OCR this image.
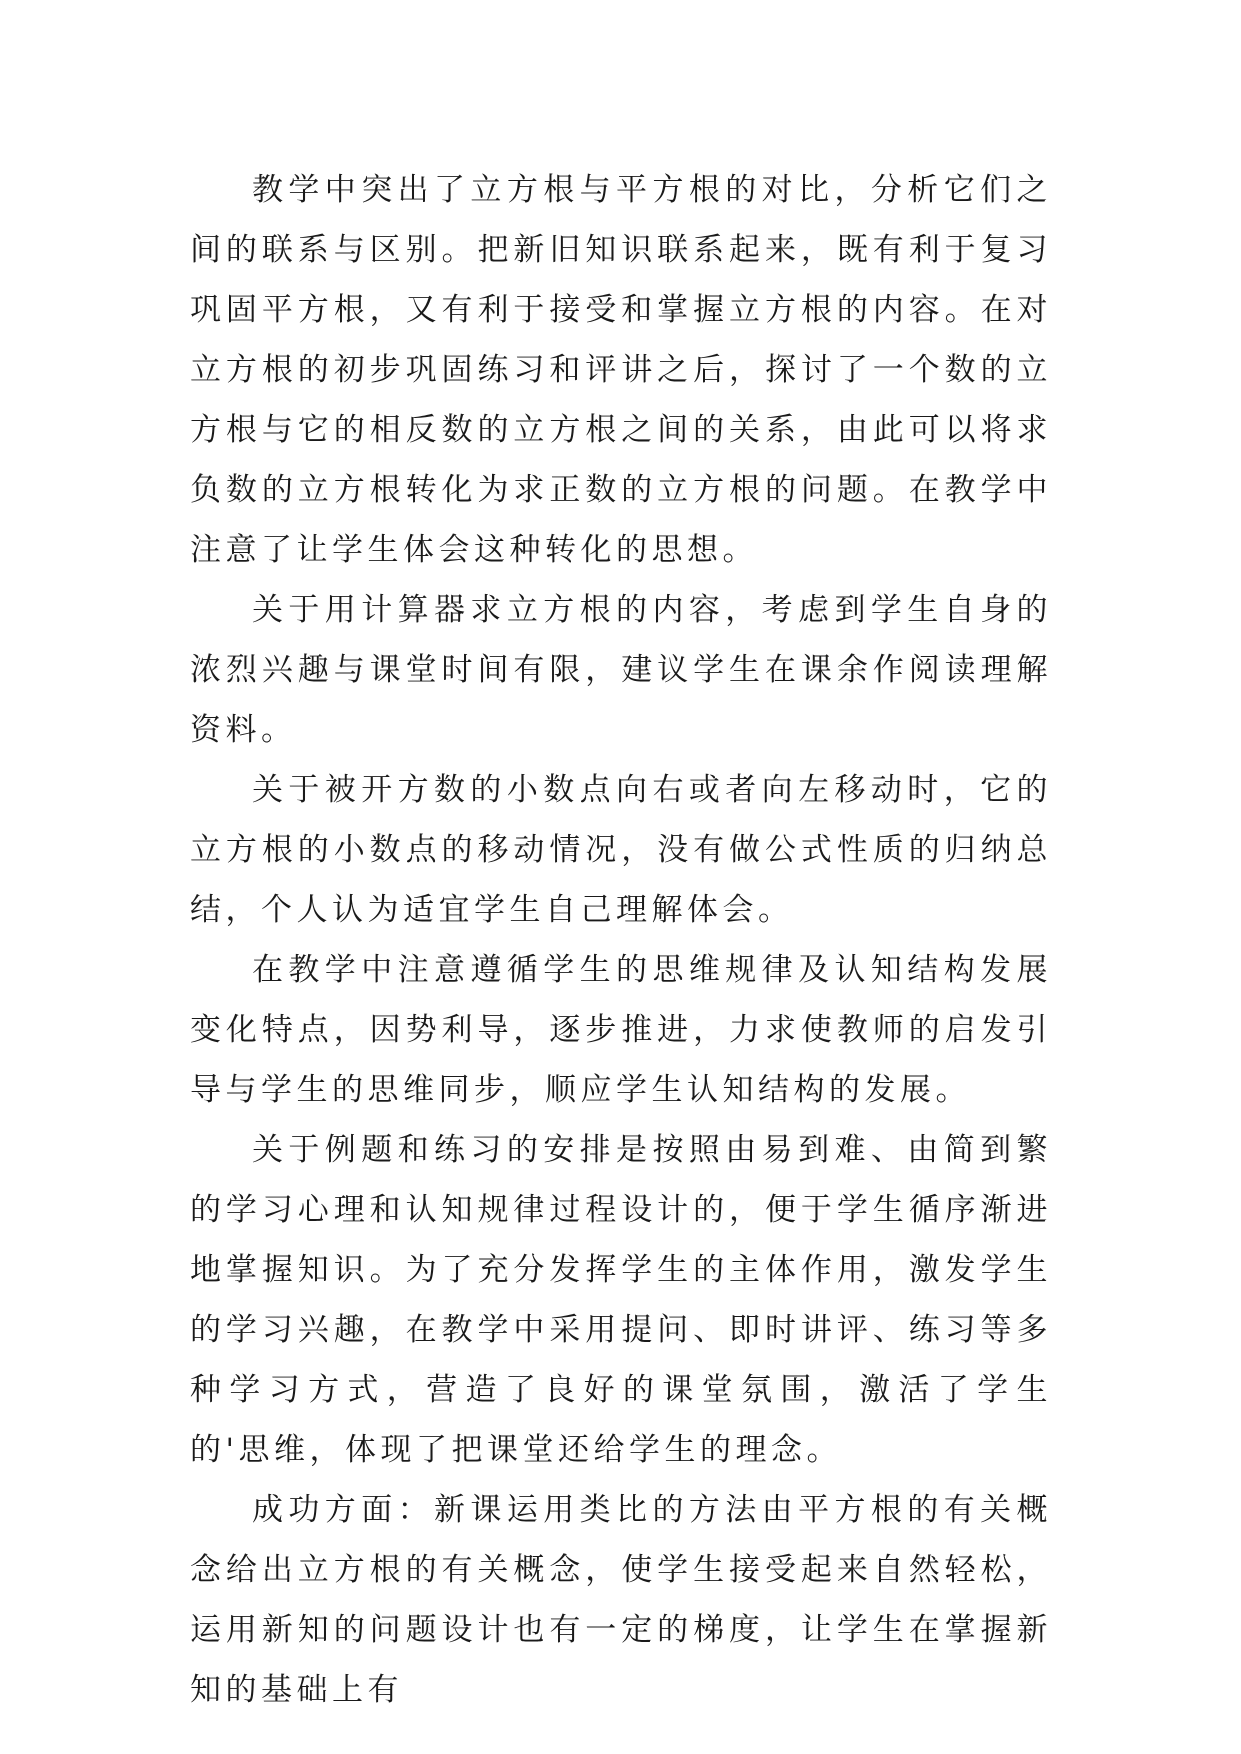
教学中突出了立方根与平方根的对比，分析它们之间的联系与区别。把新旧知识联系起来，既有利于复习巩固平方根，又有利于接受和掌握立方根的内容。在对立方根的初步巩固练习和评讲之后，探讨了一个数的立方根与它的相反数的立方根之间的关系，由此可以将求负数的立方根转化为求正数的立方根的问题。在教学中注意了让学生体会这种转化的思想。

关于用计算器求立方根的内容，考虑到学生自身的浓烈兴趣与课堂时间有限，建议学生在课余作阅读理解资料。

关于被开方数的小数点向右或者向左移动时，它的立方根的小数点的移动情况，没有做公式性质的归纳总结，个人认为适宜学生自己理解体会。

在教学中注意遵循学生的思维规律及认知结构发展变化特点，因势利导，逐步推进，力求使教师的启发引导与学生的思维同步，顺应学生认知结构的发展。

关于例题和练习的安排是按照由易到难、由简到繁的学习心理和认知规律过程设计的，便于学生循序渐进地掌握知识。为了充分发挥学生的主体作用，激发学生的学习兴趣，在教学中采用提问、即时讲评、练习等多种学习方式，营造了良好的课堂氛围，激活了学生的'思维，体现了把课堂还给学生的理念。

成功方面：新课运用类比的方法由平方根的有关概念给出立方根的有关概念，使学生接受起来自然轻松，运用新知的问题设计也有一定的梯度，让学生在掌握新知的基础上有
